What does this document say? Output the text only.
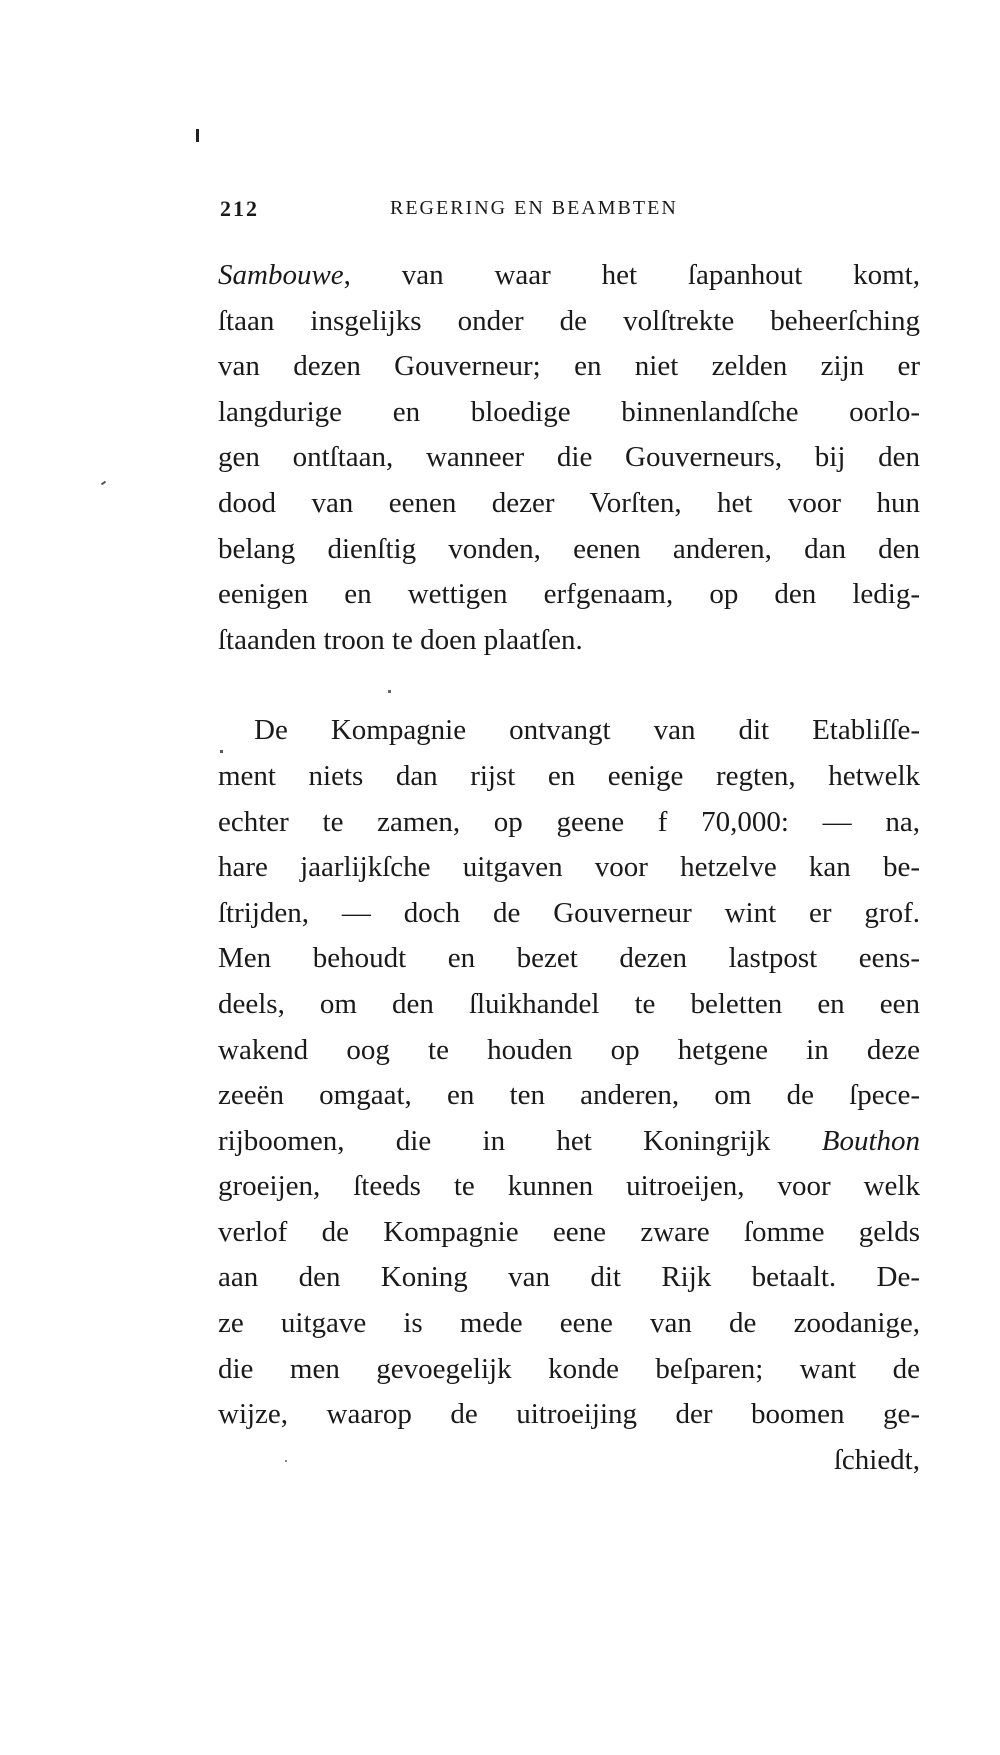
212	REGERING EN BEAMBTEN
Sambouwe, van waar het ſapanhout komt,
ſtaan insgelijks onder de volſtrekte beheerſching
van dezen Gouverneur; en niet zelden zijn er
langdurige en bloedige binnenlandſche oorlo-
gen ontſtaan, wanneer die Gouverneurs, bij den
dood van eenen dezer Vorſten, het voor hun
belang dienſtig vonden, eenen anderen, dan den
eenigen en wettigen erfgenaam, op den ledig-
ſtaanden troon te doen plaatſen.
De Kompagnie ontvangt van dit Etabliſſe-
ment niets dan rijst en eenige regten, hetwelk
echter te zamen, op geene f 70,000: — na,
hare jaarlijkſche uitgaven voor hetzelve kan be-
ſtrijden, — doch de Gouverneur wint er grof.
Men behoudt en bezet dezen lastpost eens-
deels, om den ſluikhandel te beletten en een
wakend oog te houden op hetgene in deze
zeeën omgaat, en ten anderen, om de ſpece-
rijboomen, die in het Koningrijk Bouthon
groeijen, ſteeds te kunnen uitroeijen, voor welk
verlof de Kompagnie eene zware ſomme gelds
aan den Koning van dit Rijk betaalt. De-
ze uitgave is mede eene van de zoodanige,
die men gevoegelijk konde beſparen; want de
wijze, waarop de uitroeijing der boomen ge-
ſchiedt,
